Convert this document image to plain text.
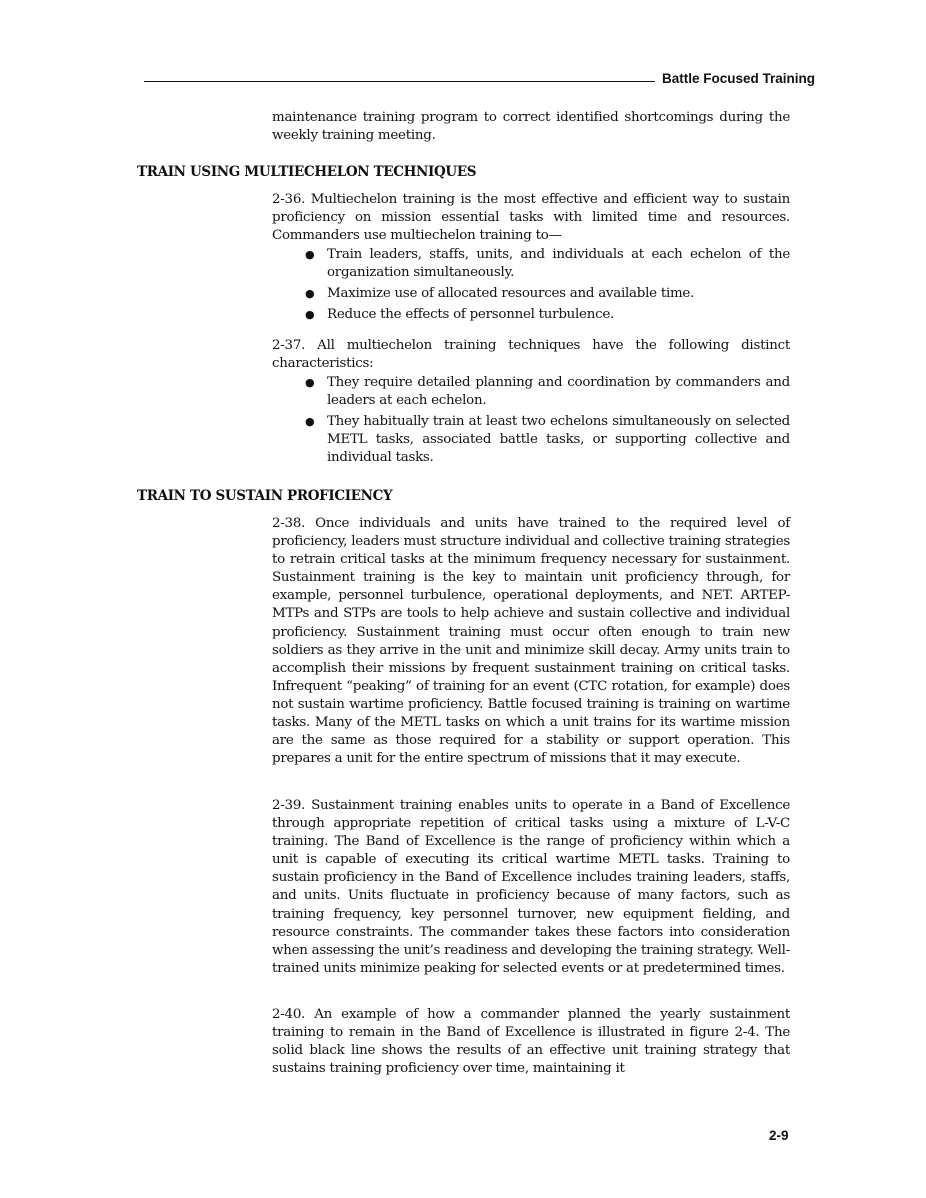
Battle Focused Training

maintenance training program to correct identified shortcomings during the weekly training meeting.

TRAIN USING MULTIECHELON TECHNIQUES

2-36. Multiechelon training is the most effective and efficient way to sustain proficiency on mission essential tasks with limited time and resources. Commanders use multiechelon training to—

● Train leaders, staffs, units, and individuals at each echelon of the organization simultaneously.
● Maximize use of allocated resources and available time.
● Reduce the effects of personnel turbulence.

2-37. All multiechelon training techniques have the following distinct characteristics:

● They require detailed planning and coordination by commanders and leaders at each echelon.
● They habitually train at least two echelons simultaneously on selected METL tasks, associated battle tasks, or supporting collective and individual tasks.
TRAIN TO SUSTAIN PROFICIENCY

2-38. Once individuals and units have trained to the required level of proficiency, leaders must structure individual and collective training strategies to retrain critical tasks at the minimum frequency necessary for sustainment. Sustainment training is the key to maintain unit proficiency through, for example, personnel turbulence, operational deployments, and NET. ARTEP-MTPs and STPs are tools to help achieve and sustain collective and individual proficiency. Sustainment training must occur often enough to train new soldiers as they arrive in the unit and minimize skill decay. Army units train to accomplish their missions by frequent sustainment training on critical tasks. Infrequent “peaking” of training for an event (CTC rotation, for example) does not sustain wartime proficiency. Battle focused training is training on wartime tasks. Many of the METL tasks on which a unit trains for its wartime mission are the same as those required for a stability or support operation. This prepares a unit for the entire spectrum of missions that it may execute.

2-39. Sustainment training enables units to operate in a Band of Excellence through appropriate repetition of critical tasks using a mixture of L-V-C training. The Band of Excellence is the range of proficiency within which a unit is capable of executing its critical wartime METL tasks. Training to sustain proficiency in the Band of Excellence includes training leaders, staffs, and units. Units fluctuate in proficiency because of many factors, such as training frequency, key personnel turnover, new equipment fielding, and resource constraints. The commander takes these factors into consideration when assessing the unit’s readiness and developing the training strategy. Well-trained units minimize peaking for selected events or at predetermined times.

2-40. An example of how a commander planned the yearly sustainment training to remain in the Band of Excellence is illustrated in figure 2-4. The solid black line shows the results of an effective unit training strategy that sustains training proficiency over time, maintaining it

2-9
